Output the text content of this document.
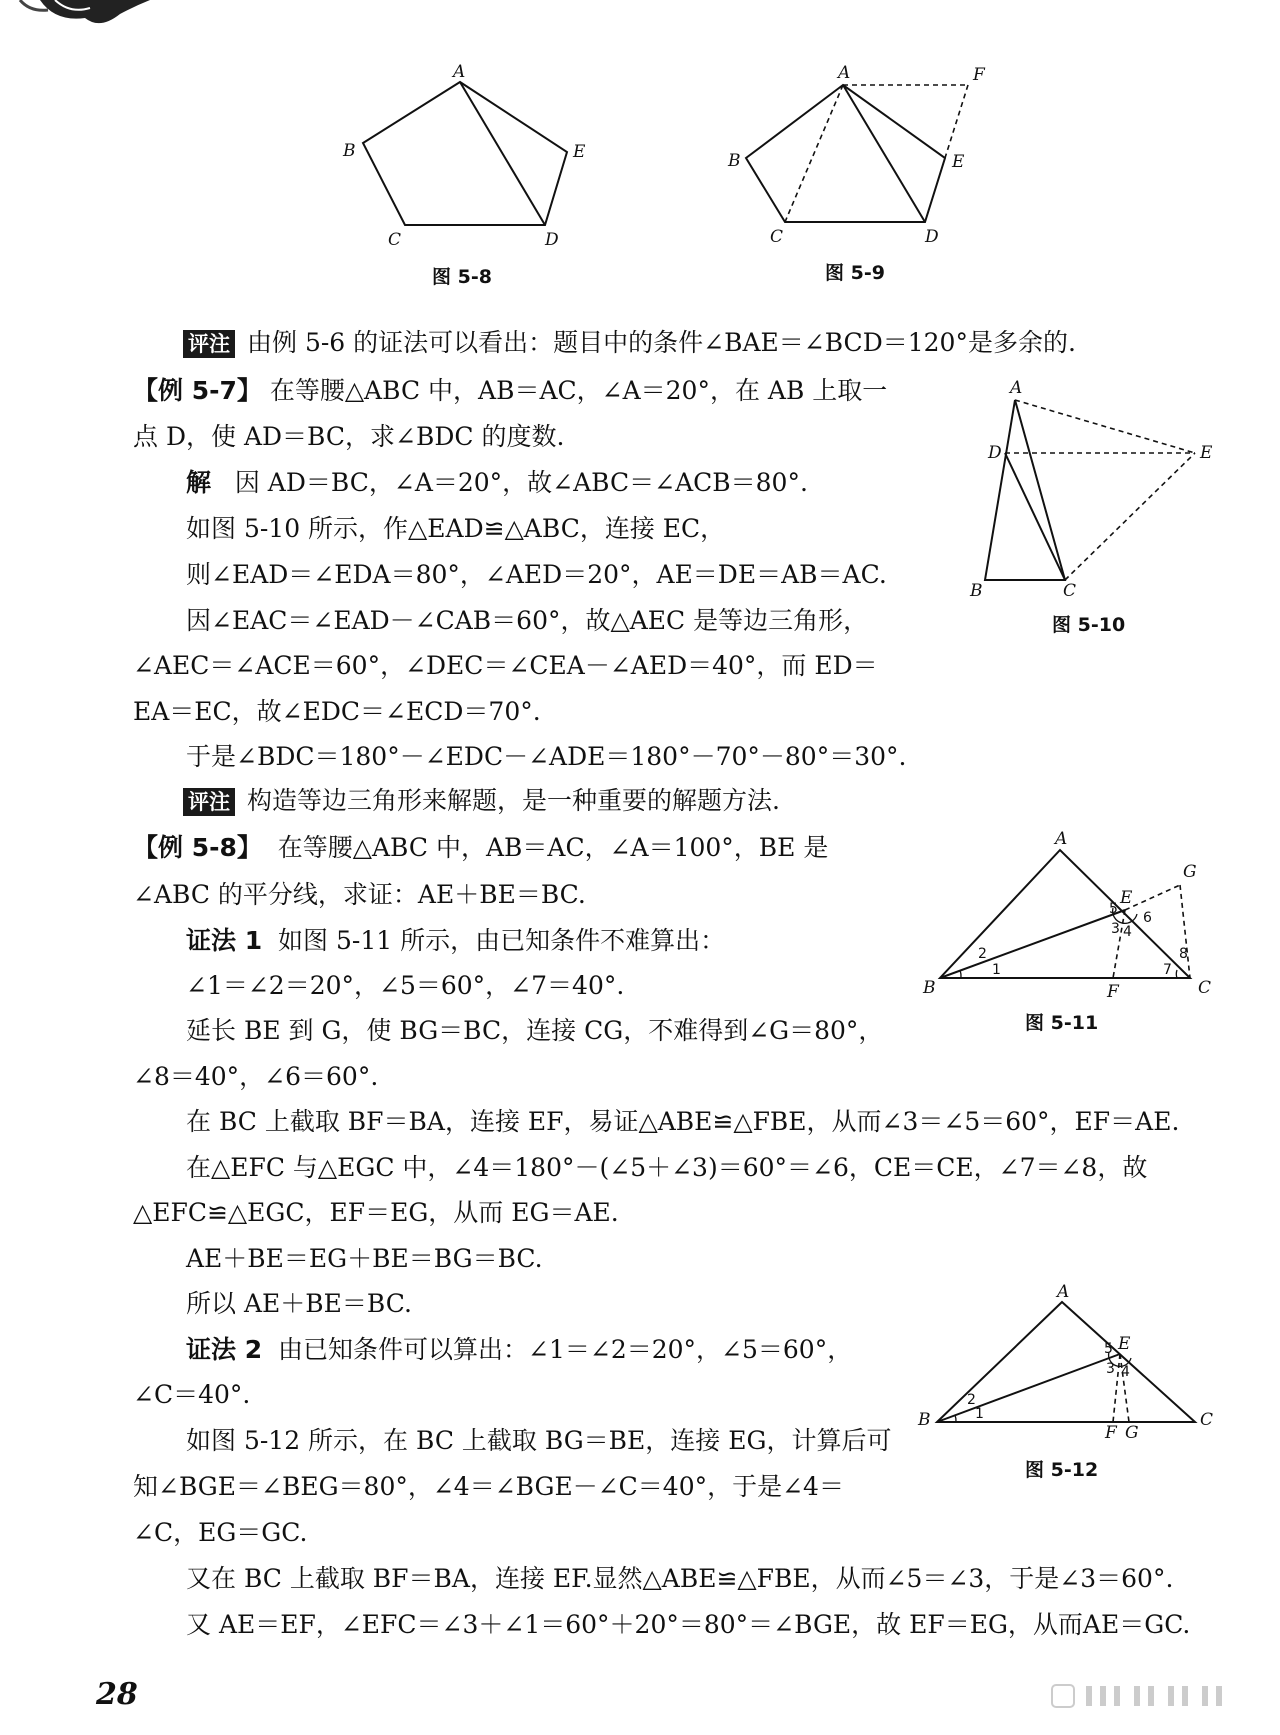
A
B
C	D
E
图 5-8
A
B
C	D
E
F
图 5-9
评注 由例 5-6 的证法可以看出：题目中的条件∠BAE＝∠BCD＝120°是多余的.
【例 5-7】 在等腰△ABC 中，AB＝AC，∠A＝20°，在 AB 上取一
点 D，使 AD＝BC，求∠BDC 的度数.
解 因 AD＝BC，∠A＝20°，故∠ABC＝∠ACB＝80°.
如图 5-10 所示，作△EAD≌△ABC，连接 EC，
则∠EAD＝∠EDA＝80°，∠AED＝20°，AE＝DE＝AB＝AC.
因∠EAC＝∠EAD－∠CAB＝60°，故△AEC 是等边三角形，
∠AEC＝∠ACE＝60°，∠DEC＝∠CEA－∠AED＝40°，而 ED＝
EA＝EC，故∠EDC＝∠ECD＝70°.
于是∠BDC＝180°－∠EDC－∠ADE＝180°－70°－80°＝30°.
A
D	E
B	C
图 5-10
评注 构造等边三角形来解题，是一种重要的解题方法.
【例 5-8】 在等腰△ABC 中，AB＝AC，∠A＝100°，BE 是
∠ABC 的平分线，求证：AE＋BE＝BC.
证法 1 如图 5-11 所示，由已知条件不难算出：
∠1＝∠2＝20°，∠5＝60°，∠7＝40°.
延长 BE 到 G，使 BG＝BC，连接 CG，不难得到∠G＝80°，
∠8＝40°，∠6＝60°.
在 BC 上截取 BF＝BA，连接 EF，易证△ABE≌△FBE，从而∠3＝∠5＝60°，EF＝AE.
在△EFC 与△EGC 中，∠4＝180°－(∠5＋∠3)＝60°＝∠6，CE＝CE，∠7＝∠8，故
△EFC≌△EGC，EF＝EG，从而 EG＝AE.
AE＋BE＝EG＋BE＝BG＝BC.
所以 AE＋BE＝BC.
证法 2 由已知条件可以算出：∠1＝∠2＝20°，∠5＝60°，
∠C＝40°.
如图 5-12 所示，在 BC 上截取 BG＝BE，连接 EG，计算后可
知∠BGE＝∠BEG＝80°，∠4＝∠BGE－∠C＝40°，于是∠4＝
∠C，EG＝GC.
又在 BC 上截取 BF＝BA，连接 EF.显然△ABE≌△FBE，从而∠5＝∠3，于是∠3＝60°.
又 AE＝EF，∠EFC＝∠3＋∠1＝60°＋20°＝80°＝∠BGE，故 EF＝EG，从而AE＝GC.
A
E
G
B	C
F
1
2
3 4
5
6
7
8
图 5-11
A
E
B	C
F G
1
2
3 4
5
图 5-12
28
